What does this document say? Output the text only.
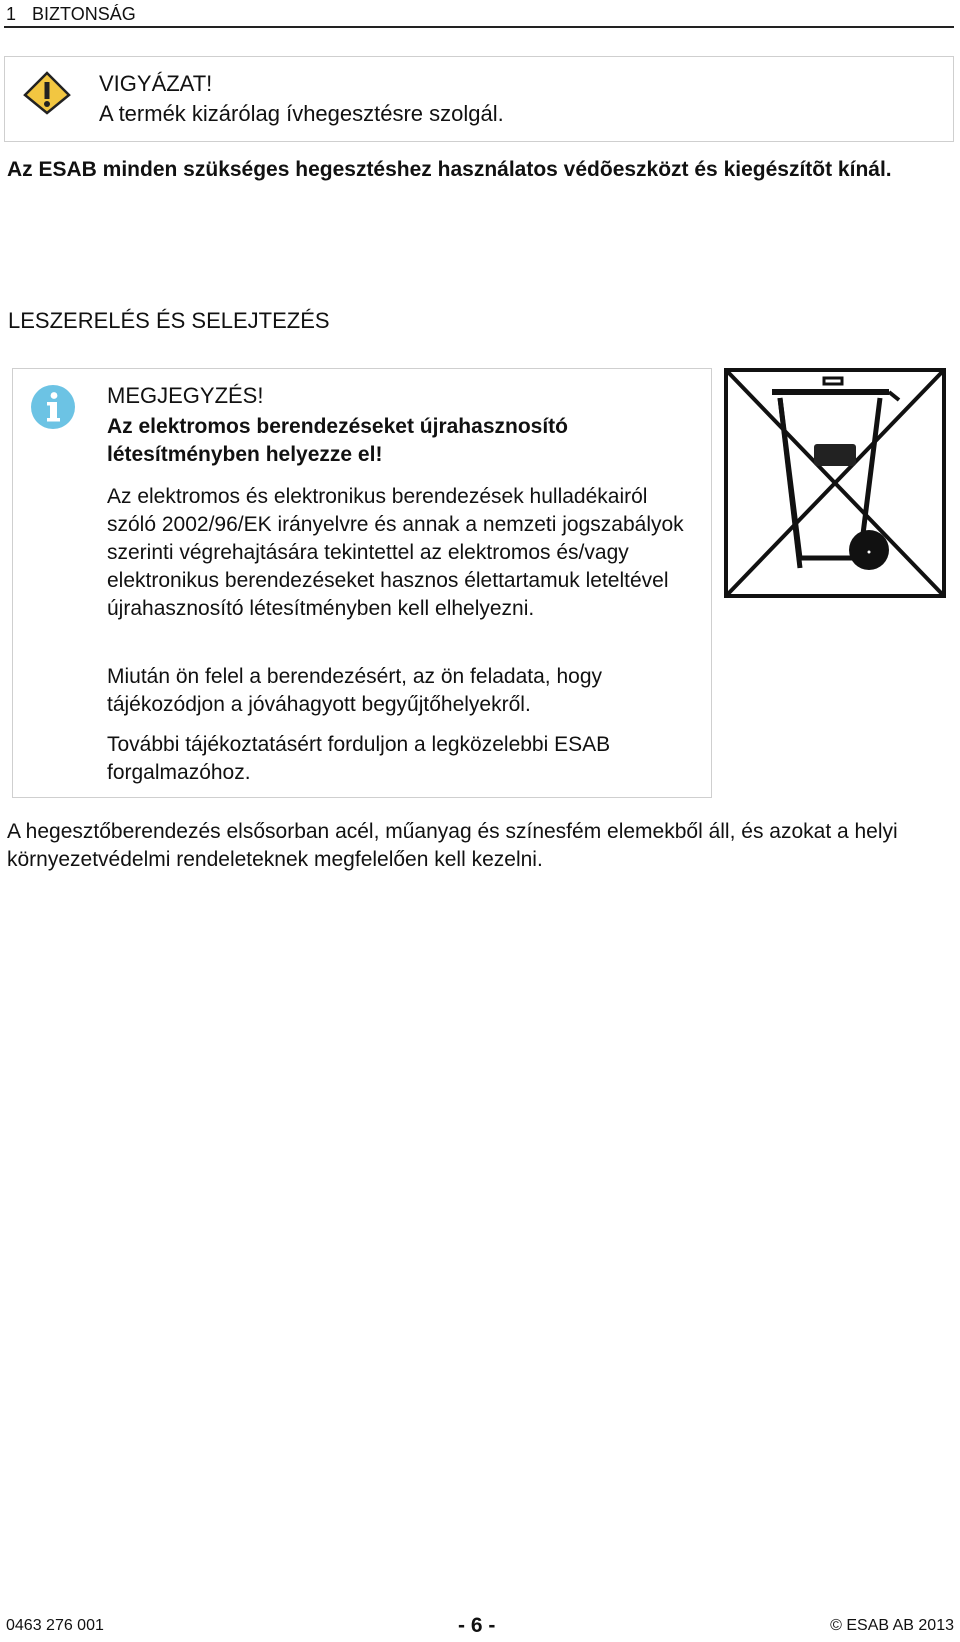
1 BIZTONSÁG
VIGYÁZAT!
A termék kizárólag ívhegesztésre szolgál.
Az ESAB minden szükséges hegesztéshez használatos védõeszközt és kiegészítõt kínál.
LESZERELÉS ÉS SELEJTEZÉS
MEGJEGYZÉS!
Az elektromos berendezéseket újrahasznosító létesítményben helyezze el!
Az elektromos és elektronikus berendezések hulladékairól szóló 2002/96/EK irányelvre és annak a nemzeti jogszabályok szerinti végrehajtására tekintettel az elektromos és/vagy elektronikus berendezéseket hasznos élettartamuk leteltével újrahasznosító létesítményben kell elhelyezni.
Miután ön felel a berendezésért, az ön feladata, hogy tájékozódjon a jóváhagyott begyűjtőhelyekről.
További tájékoztatásért forduljon a legközelebbi ESAB forgalmazóhoz.
A hegesztőberendezés elsősorban acél, műanyag és színesfém elemekből áll, és azokat a helyi környezetvédelmi rendeleteknek megfelelően kell kezelni.
0463 276 001	- 6 -	© ESAB AB 2013
